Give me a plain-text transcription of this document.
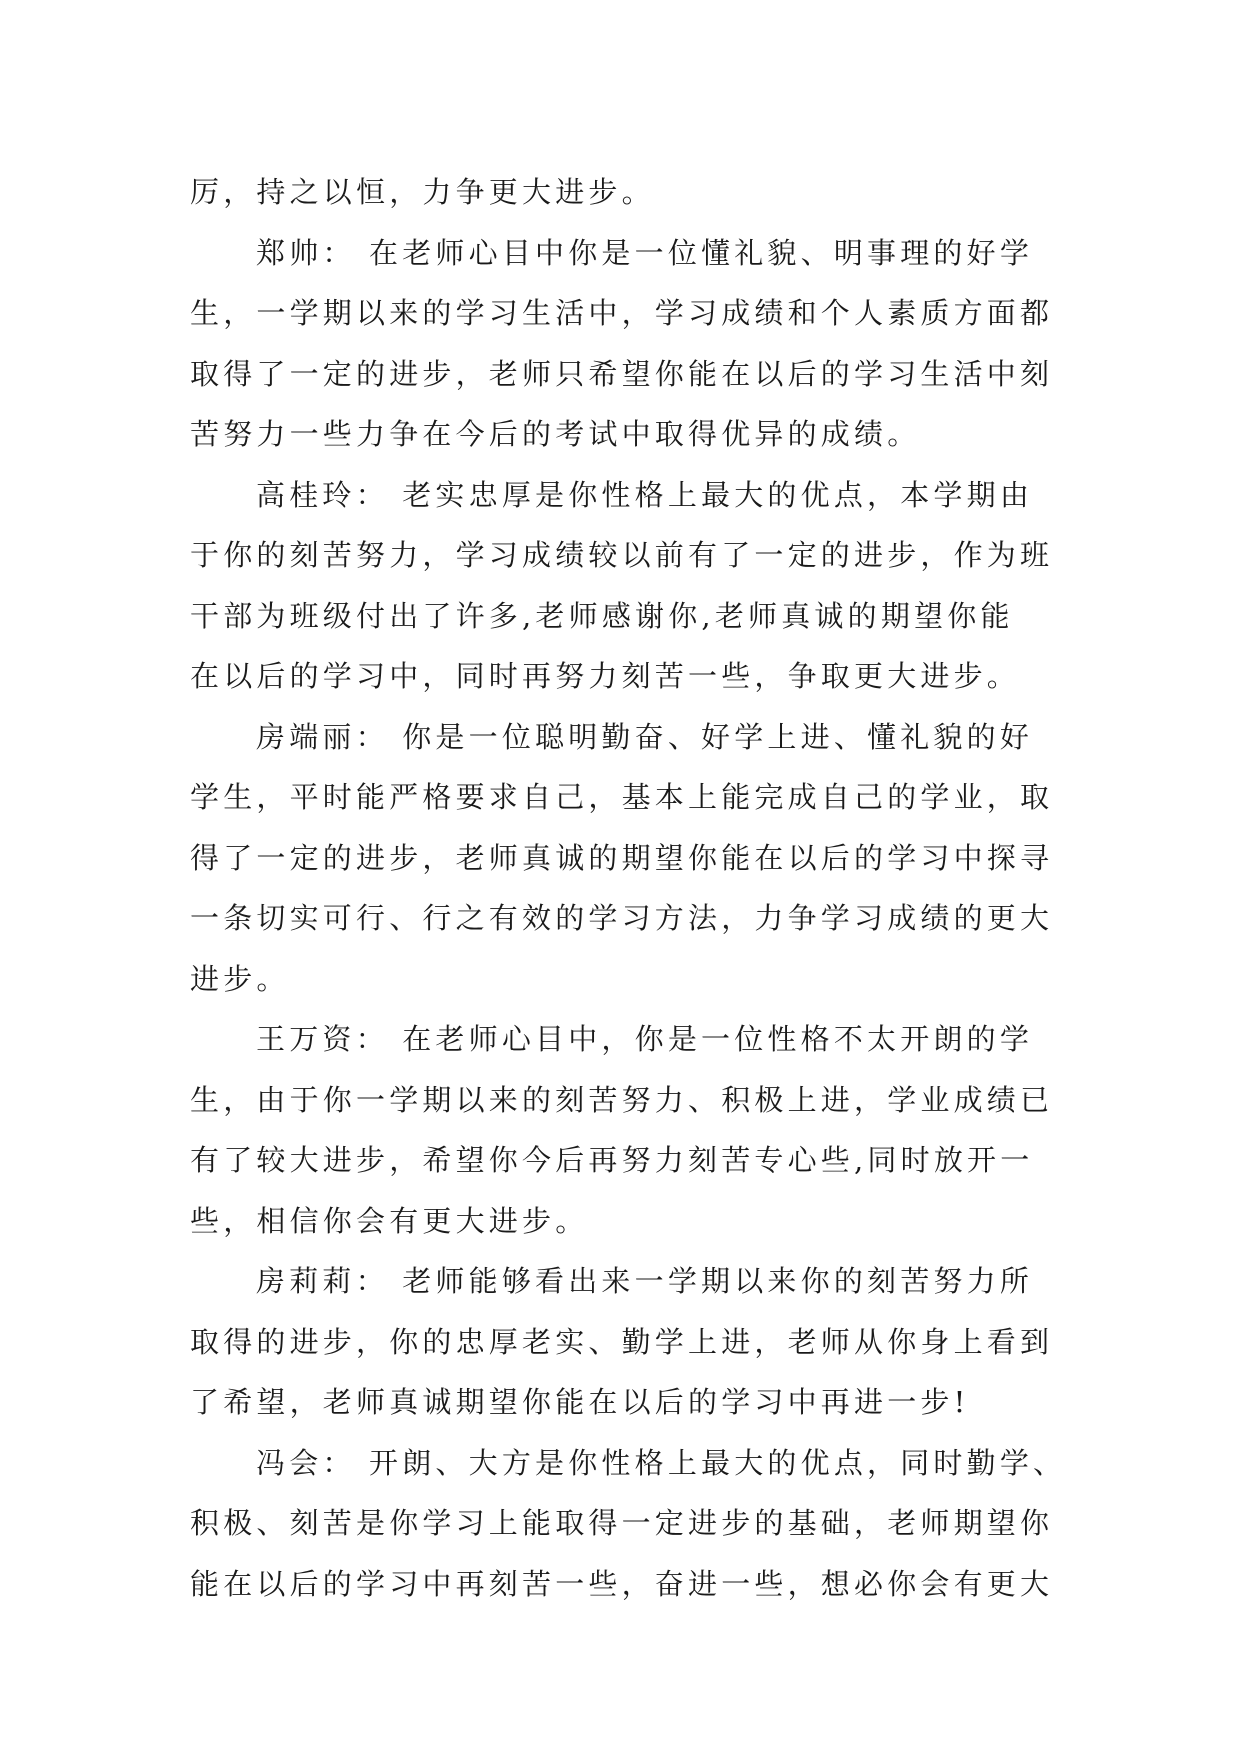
厉，持之以恒，力争更大进步。
郑帅： 在老师心目中你是一位懂礼貌、明事理的好学
生，一学期以来的学习生活中，学习成绩和个人素质方面都
取得了一定的进步，老师只希望你能在以后的学习生活中刻
苦努力一些力争在今后的考试中取得优异的成绩。
高桂玲： 老实忠厚是你性格上最大的优点，本学期由
于你的刻苦努力，学习成绩较以前有了一定的进步，作为班
干部为班级付出了许多,老师感谢你,老师真诚的期望你能
在以后的学习中，同时再努力刻苦一些，争取更大进步。
房端丽： 你是一位聪明勤奋、好学上进、懂礼貌的好
学生，平时能严格要求自己，基本上能完成自己的学业，取
得了一定的进步，老师真诚的期望你能在以后的学习中探寻
一条切实可行、行之有效的学习方法，力争学习成绩的更大
进步。
王万资： 在老师心目中，你是一位性格不太开朗的学
生，由于你一学期以来的刻苦努力、积极上进，学业成绩已
有了较大进步，希望你今后再努力刻苦专心些,同时放开一
些，相信你会有更大进步。
房莉莉： 老师能够看出来一学期以来你的刻苦努力所
取得的进步，你的忠厚老实、勤学上进，老师从你身上看到
了希望，老师真诚期望你能在以后的学习中再进一步!
冯会： 开朗、大方是你性格上最大的优点，同时勤学、
积极、刻苦是你学习上能取得一定进步的基础，老师期望你
能在以后的学习中再刻苦一些，奋进一些，想必你会有更大
